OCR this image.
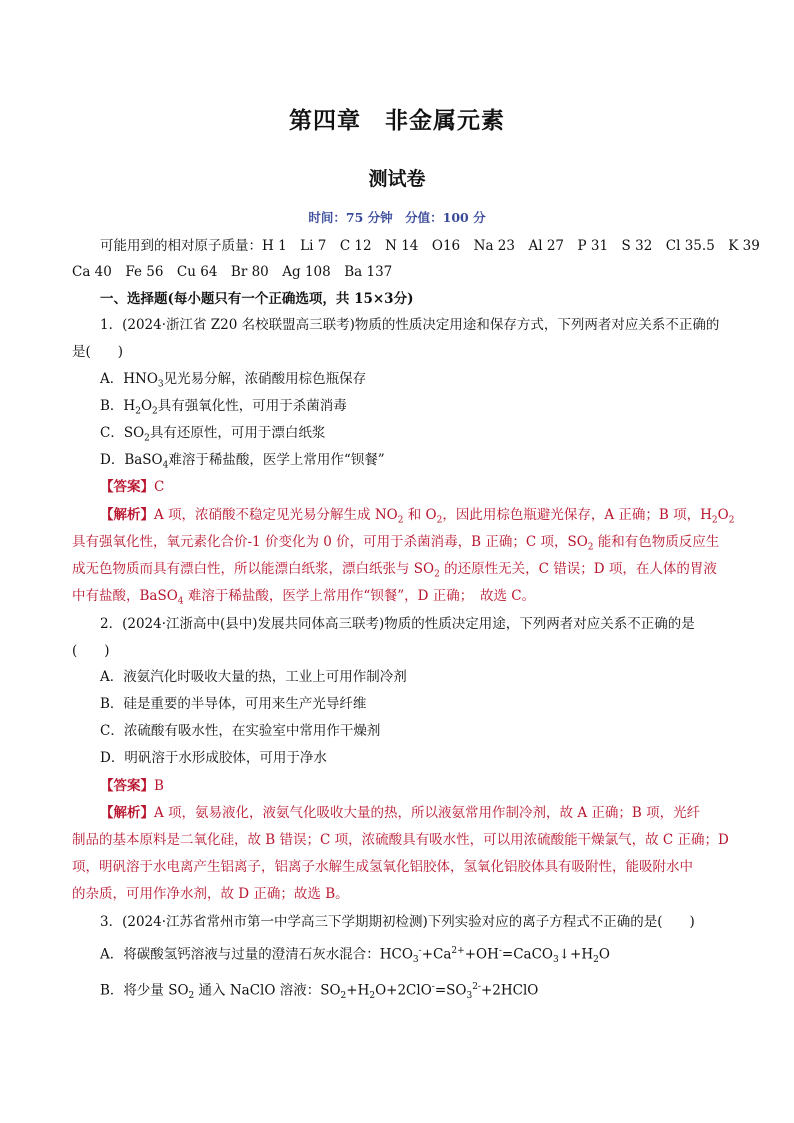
第四章　非金属元素
测试卷
时间：75 分钟　分值：100 分
可能用到的相对原子质量：H 1　Li 7　C 12　N 14　O16　Na 23　Al 27　P 31　S 32　Cl 35.5　K 39
Ca 40　Fe 56　Cu 64　Br 80　Ag 108　Ba 137
一、选择题(每小题只有一个正确选项，共 15×3分)
1．(2024·浙江省 Z20 名校联盟高三联考)物质的性质决定用途和保存方式，下列两者对应关系不正确的
是(　　)
A．$HNO_3$见光易分解，浓硝酸用棕色瓶保存
B．$H_2O_2$具有强氧化性，可用于杀菌消毒
C．$SO_2$具有还原性，可用于漂白纸浆
D．BaSO$_4$难溶于稀盐酸，医学上常用作“钡餐”
【答案】C
【解析】A 项，浓硝酸不稳定见光易分解生成 $NO_2$ 和 $O_2$，因此用棕色瓶避光保存，A 正确；B 项，$H_2O_2$
具有强氧化性，氧元素化合价-1 价变化为 0 价，可用于杀菌消毒，B 正确；C 项，$SO_2$ 能和有色物质反应生
成无色物质而具有漂白性，所以能漂白纸浆，漂白纸张与 $SO_2$ 的还原性无关，C 错误；D 项，在人体的胃液
中有盐酸，BaSO$_4$ 难溶于稀盐酸，医学上常用作“钡餐”，D 正确；　故选 C。
2．(2024·江浙高中(县中)发展共同体高三联考)物质的性质决定用途，下列两者对应关系不正确的是
(　　)
A．液氨汽化时吸收大量的热，工业上可用作制冷剂
B．硅是重要的半导体，可用来生产光导纤维
C．浓硫酸有吸水性，在实验室中常用作干燥剂
D．明矾溶于水形成胶体，可用于净水
【答案】B
【解析】A 项，氨易液化，液氨气化吸收大量的热，所以液氨常用作制冷剂，故 A 正确；B 项，光纤
制品的基本原料是二氧化硅，故 B 错误；C 项，浓硫酸具有吸水性，可以用浓硫酸能干燥氯气，故 C 正确；D
项，明矾溶于水电离产生铝离子，铝离子水解生成氢氧化铝胶体，氢氧化铝胶体具有吸附性，能吸附水中
的杂质，可用作净水剂，故 D 正确；故选 B。
3．(2024·江苏省常州市第一中学高三下学期期初检测)下列实验对应的离子方程式不正确的是(　　)
A．将碳酸氢钙溶液与过量的澄清石灰水混合：$HCO_3^-+Ca^{2+}+OH^-=CaCO_3↓+H_2O$
B．将少量 $SO_2$ 通入 NaClO 溶液：$SO_2+H_2O+2ClO^-=SO_3^{2-}+2HClO$
